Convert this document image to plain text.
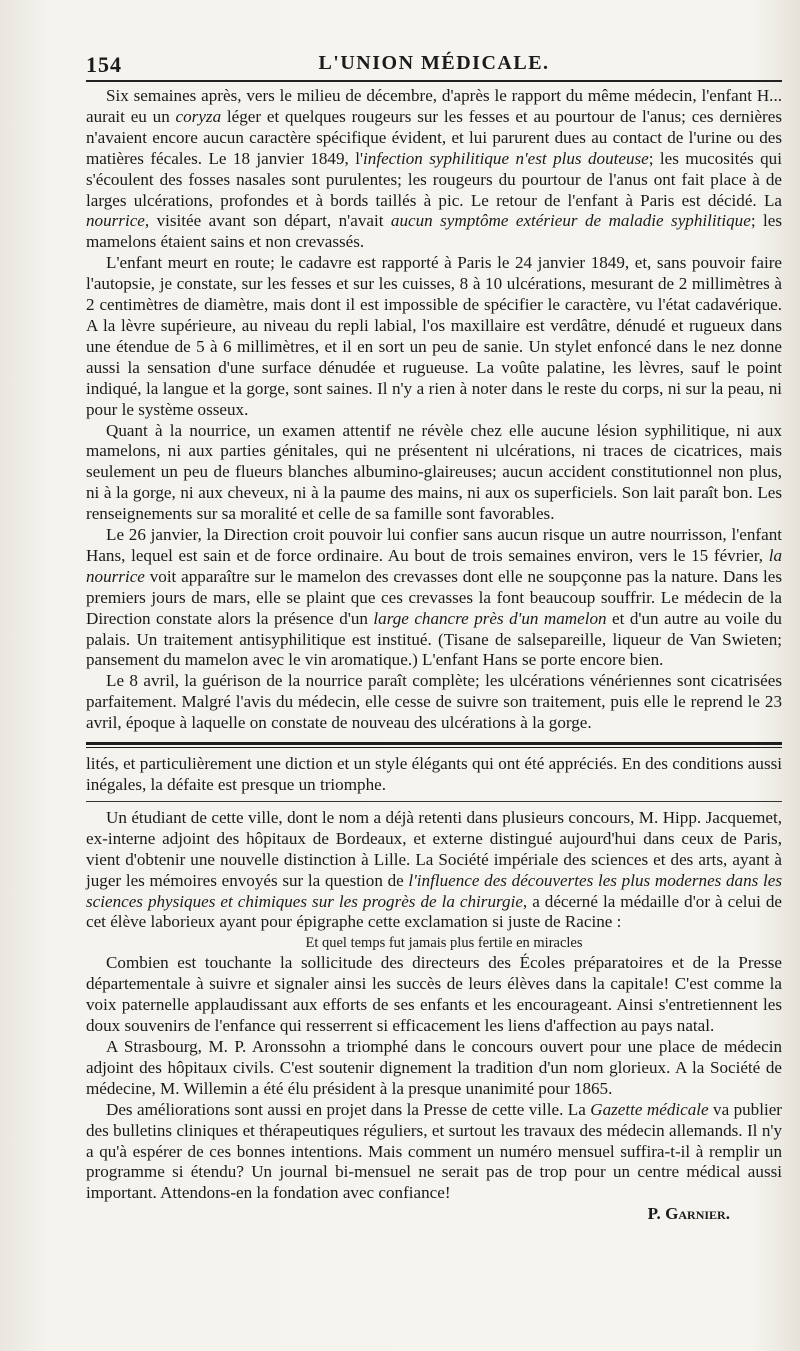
154	L'UNION MÉDICALE.

Six semaines après, vers le milieu de décembre, d'après le rapport du même médecin, l'enfant H... aurait eu un coryza léger et quelques rougeurs sur les fesses et au pourtour de l'anus; ces dernières n'avaient encore aucun caractère spécifique évident, et lui parurent dues au contact de l'urine ou des matières fécales. Le 18 janvier 1849, l'infection syphilitique n'est plus douteuse; les mucosités qui s'écoulent des fosses nasales sont purulentes; les rougeurs du pourtour de l'anus ont fait place à de larges ulcérations, profondes et à bords taillés à pic. Le retour de l'enfant à Paris est décidé. La nourrice, visitée avant son départ, n'avait aucun symptôme extérieur de maladie syphilitique; les mamelons étaient sains et non crevassés.

L'enfant meurt en route; le cadavre est rapporté à Paris le 24 janvier 1849, et, sans pouvoir faire l'autopsie, je constate, sur les fesses et sur les cuisses, 8 à 10 ulcérations, mesurant de 2 millimètres à 2 centimètres de diamètre, mais dont il est impossible de spécifier le caractère, vu l'état cadavérique. A la lèvre supérieure, au niveau du repli labial, l'os maxillaire est verdâtre, dénudé et rugueux dans une étendue de 5 à 6 millimètres, et il en sort un peu de sanie. Un stylet enfoncé dans le nez donne aussi la sensation d'une surface dénudée et rugueuse. La voûte palatine, les lèvres, sauf le point indiqué, la langue et la gorge, sont saines. Il n'y a rien à noter dans le reste du corps, ni sur la peau, ni pour le système osseux.

Quant à la nourrice, un examen attentif ne révèle chez elle aucune lésion syphilitique, ni aux mamelons, ni aux parties génitales, qui ne présentent ni ulcérations, ni traces de cicatrices, mais seulement un peu de flueurs blanches albumino-glaireuses; aucun accident constitutionnel non plus, ni à la gorge, ni aux cheveux, ni à la paume des mains, ni aux os superficiels. Son lait paraît bon. Les renseignements sur sa moralité et celle de sa famille sont favorables.

Le 26 janvier, la Direction croit pouvoir lui confier sans aucun risque un autre nourrisson, l'enfant Hans, lequel est sain et de force ordinaire. Au bout de trois semaines environ, vers le 15 février, la nourrice voit apparaître sur le mamelon des crevasses dont elle ne soupçonne pas la nature. Dans les premiers jours de mars, elle se plaint que ces crevasses la font beaucoup souffrir. Le médecin de la Direction constate alors la présence d'un large chancre près d'un mamelon et d'un autre au voile du palais. Un traitement antisyphilitique est institué. (Tisane de salsepareille, liqueur de Van Swieten; pansement du mamelon avec le vin aromatique.) L'enfant Hans se porte encore bien.

Le 8 avril, la guérison de la nourrice paraît complète; les ulcérations vénériennes sont cicatrisées parfaitement. Malgré l'avis du médecin, elle cesse de suivre son traitement, puis elle le reprend le 23 avril, époque à laquelle on constate de nouveau des ulcérations à la gorge.

lités, et particulièrement une diction et un style élégants qui ont été appréciés. En des conditions aussi inégales, la défaite est presque un triomphe.

Un étudiant de cette ville, dont le nom a déjà retenti dans plusieurs concours, M. Hipp. Jacquemet, ex-interne adjoint des hôpitaux de Bordeaux, et externe distingué aujourd'hui dans ceux de Paris, vient d'obtenir une nouvelle distinction à Lille. La Société impériale des sciences et des arts, ayant à juger les mémoires envoyés sur la question de l'influence des découvertes les plus modernes dans les sciences physiques et chimiques sur les progrès de la chirurgie, a décerné la médaille d'or à celui de cet élève laborieux ayant pour épigraphe cette exclamation si juste de Racine :

Et quel temps fut jamais plus fertile en miracles

Combien est touchante la sollicitude des directeurs des Écoles préparatoires et de la Presse départementale à suivre et signaler ainsi les succès de leurs élèves dans la capitale! C'est comme la voix paternelle applaudissant aux efforts de ses enfants et les encourageant. Ainsi s'entretiennent les doux souvenirs de l'enfance qui resserrent si efficacement les liens d'affection au pays natal.

A Strasbourg, M. P. Aronssohn a triomphé dans le concours ouvert pour une place de médecin adjoint des hôpitaux civils. C'est soutenir dignement la tradition d'un nom glorieux. A la Société de médecine, M. Willemin a été élu président à la presque unanimité pour 1865.

Des améliorations sont aussi en projet dans la Presse de cette ville. La Gazette médicale va publier des bulletins cliniques et thérapeutiques réguliers, et surtout les travaux des médecin allemands. Il n'y a qu'à espérer de ces bonnes intentions. Mais comment un numéro mensuel suffira-t-il à remplir un programme si étendu? Un journal bi-mensuel ne serait pas de trop pour un centre médical aussi important. Attendons-en la fondation avec confiance!

P. Garnier.
